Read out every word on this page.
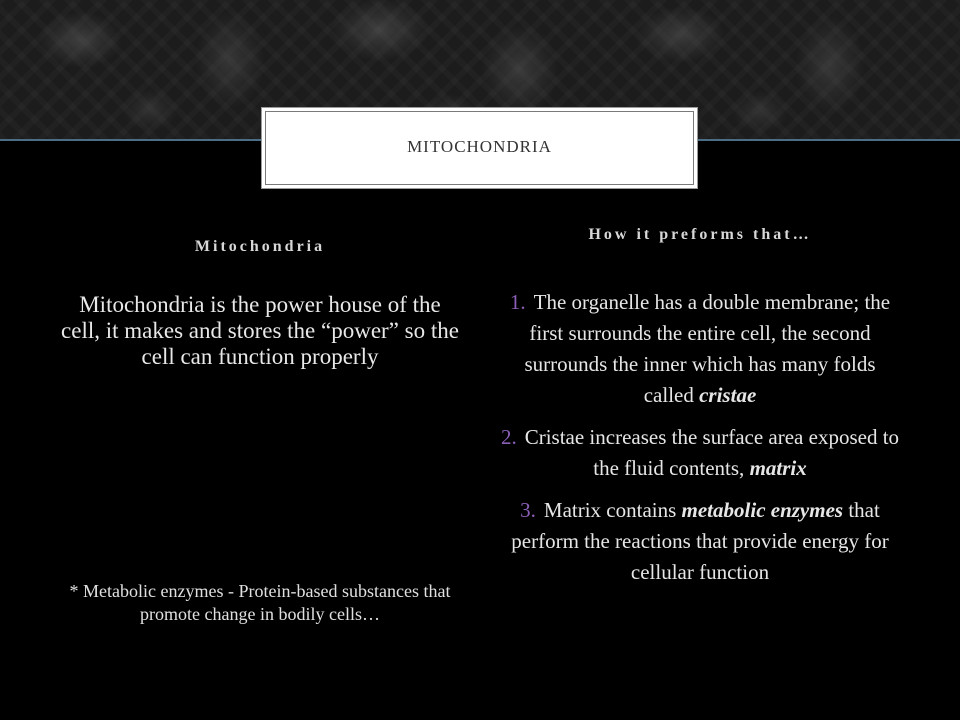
MITOCHONDRIA
Mitochondria
Mitochondria is the power house of the cell, it makes and stores the “power” so the cell can function properly
* Metabolic enzymes - Protein-based substances that promote change in bodily cells…
How it preforms that…
1. The organelle has a double membrane; the first surrounds the entire cell, the second surrounds the inner which has many folds called cristae
2. Cristae increases the surface area exposed to the fluid contents, matrix
3. Matrix contains metabolic enzymes that perform the reactions that provide energy for cellular function
